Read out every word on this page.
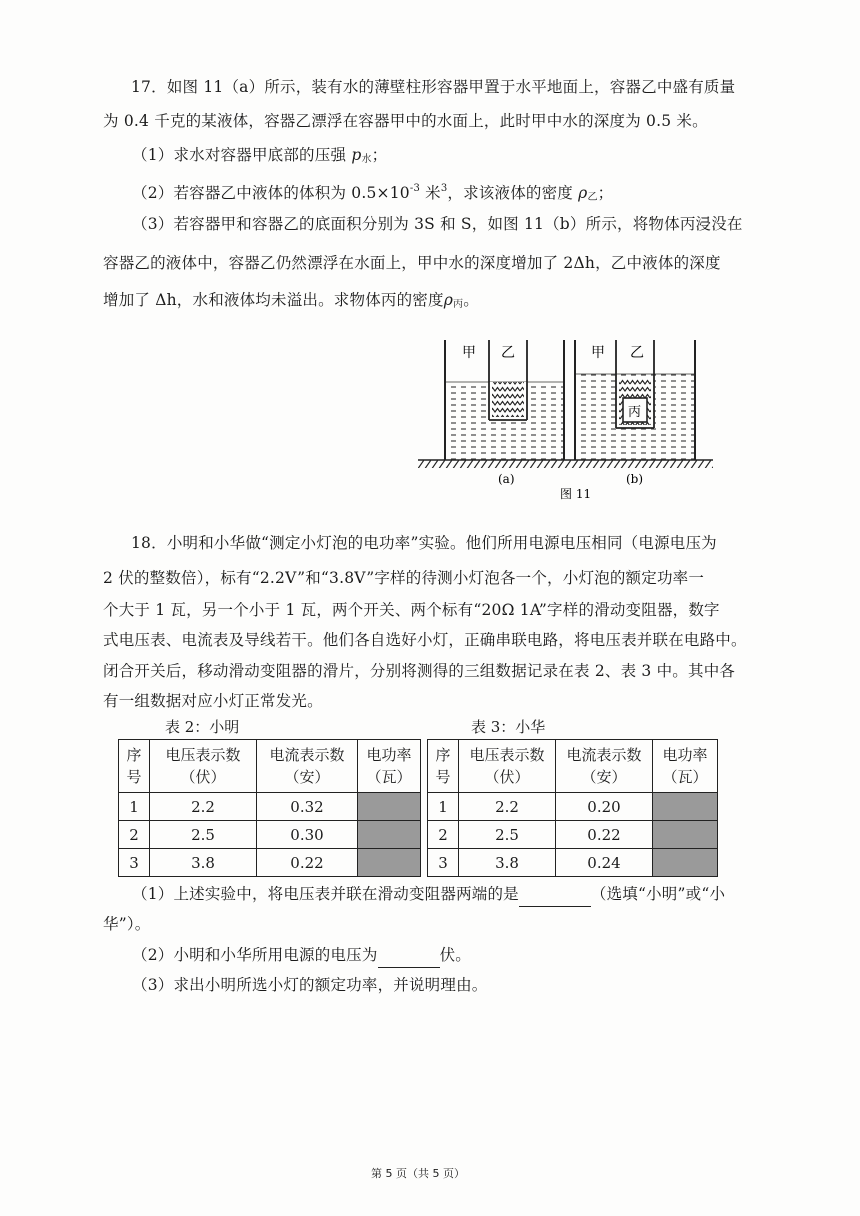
17．如图 11（a）所示，装有水的薄壁柱形容器甲置于水平地面上，容器乙中盛有质量
为 0.4 千克的某液体，容器乙漂浮在容器甲中的水面上，此时甲中水的深度为 0.5 米。
（1）求水对容器甲底部的压强 $p_水$；
（2）若容器乙中液体的体积为 $0.5\times 10^{-3}$ 米$^3$，求该液体的密度 $\rho_乙$；
（3）若容器甲和容器乙的底面积分别为 3S 和 S，如图 11（b）所示，将物体丙浸没在
容器乙的液体中，容器乙仍然漂浮在水面上，甲中水的深度增加了 2Δh，乙中液体的深度
增加了 Δh，水和液体均未溢出。求物体丙的密度$\rho_丙$。
甲 乙
丙
甲 乙
(a)	(b)
图 11
18．小明和小华做“测定小灯泡的电功率”实验。他们所用电源电压相同（电源电压为
2 伏的整数倍），标有“2.2V”和“3.8V”字样的待测小灯泡各一个，小灯泡的额定功率一
个大于 1 瓦，另一个小于 1 瓦，两个开关、两个标有“20Ω 1A”字样的滑动变阻器，数字
式电压表、电流表及导线若干。他们各自选好小灯，正确串联电路，将电压表并联在电路中。
闭合开关后，移动滑动变阻器的滑片，分别将测得的三组数据记录在表 2、表 3 中。其中各
有一组数据对应小灯正常发光。
表 2：小明
序
号	电压表示数
（伏）	电流表示数
（安）	电功率
（瓦）
1	2.2	0.32	
2	2.5	0.30	
3	3.8	0.22	
表 3：小华
序
号	电压表示数
（伏）	电流表示数
（安）	电功率
（瓦）
1	2.2	0.20	
2	2.5	0.22	
3	3.8	0.24	
（1）上述实验中，将电压表并联在滑动变阻器两端的是	（选填“小明”或“小
华”）。
（2）小明和小华所用电源的电压为	伏。
（3）求出小明所选小灯的额定功率，并说明理由。
第 5 页（共 5 页）
